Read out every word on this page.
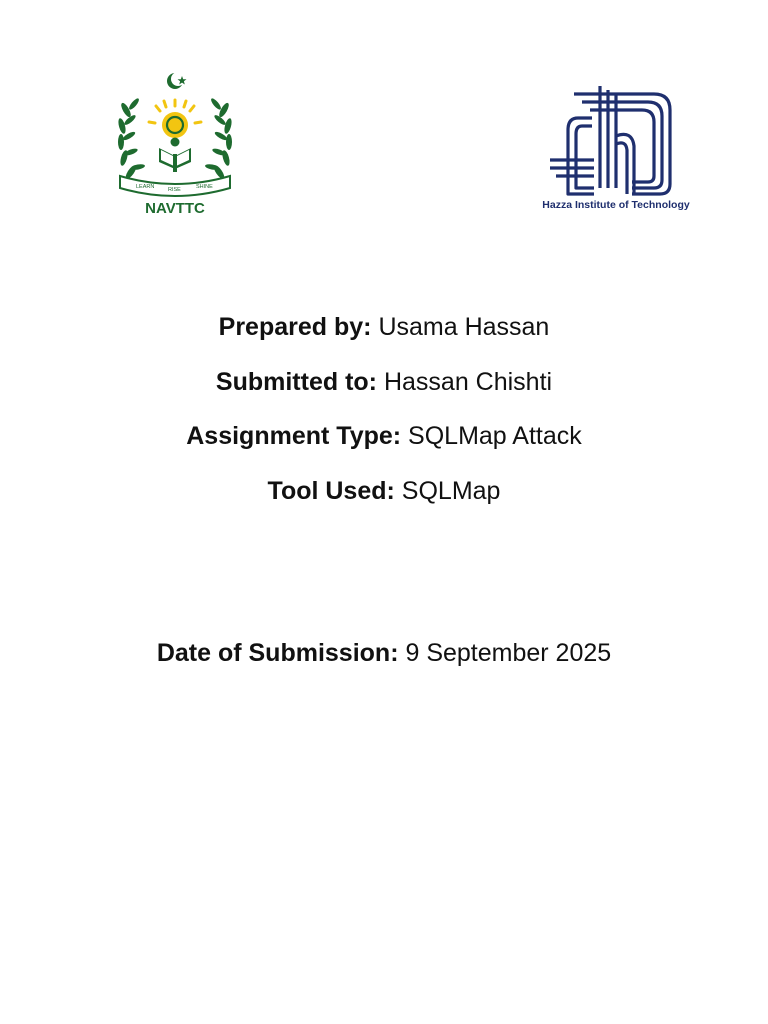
LEARN RISE	SHINE
NAVTTC	Hazza Institute of Technology
Prepared by: Usama Hassan
Submitted to: Hassan Chishti
Assignment Type: SQLMap Attack
Tool Used: SQLMap
Date of Submission: 9 September 2025
